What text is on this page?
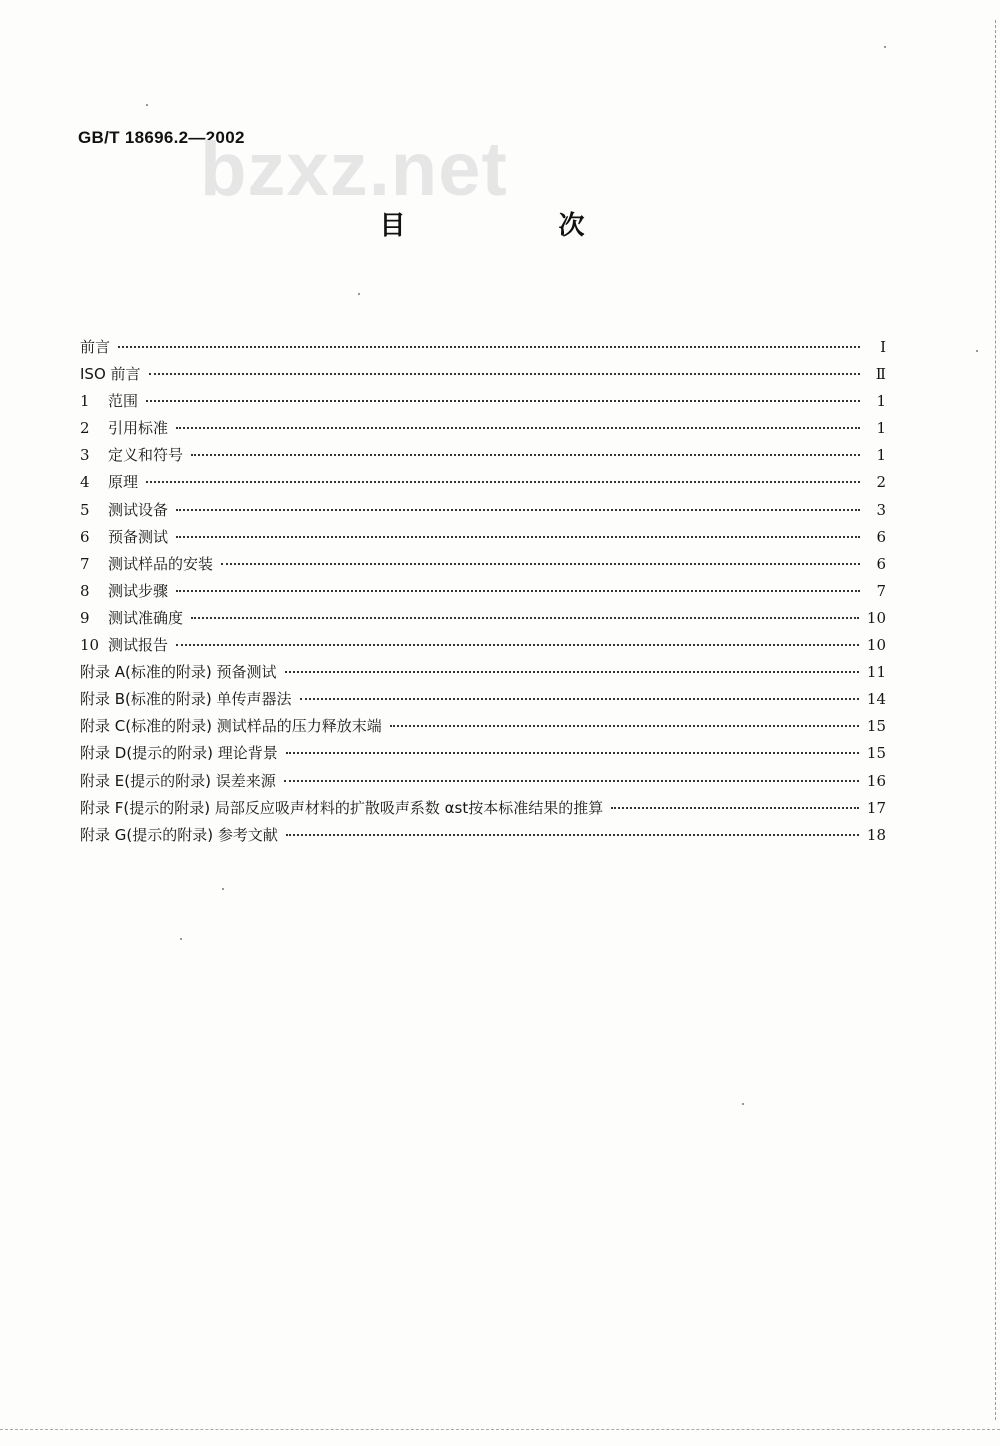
GB/T 18696.2—2002
bzxz.net
目 次
前言	I
ISO 前言	Ⅱ
1	范围	1
2	引用标准	1
3	定义和符号	1
4	原理	2
5	测试设备	3
6	预备测试	6
7	测试样品的安装	6
8	测试步骤	7
9	测试准确度	10
10 测试报告	10
附录 A(标准的附录) 预备测试	11
附录 B(标准的附录) 单传声器法	14
附录 C(标准的附录) 测试样品的压力释放末端	15
附录 D(提示的附录) 理论背景	15
附录 E(提示的附录) 误差来源	16
附录 F(提示的附录) 局部反应吸声材料的扩散吸声系数 αst按本标准结果的推算	17
附录 G(提示的附录) 参考文献	18
